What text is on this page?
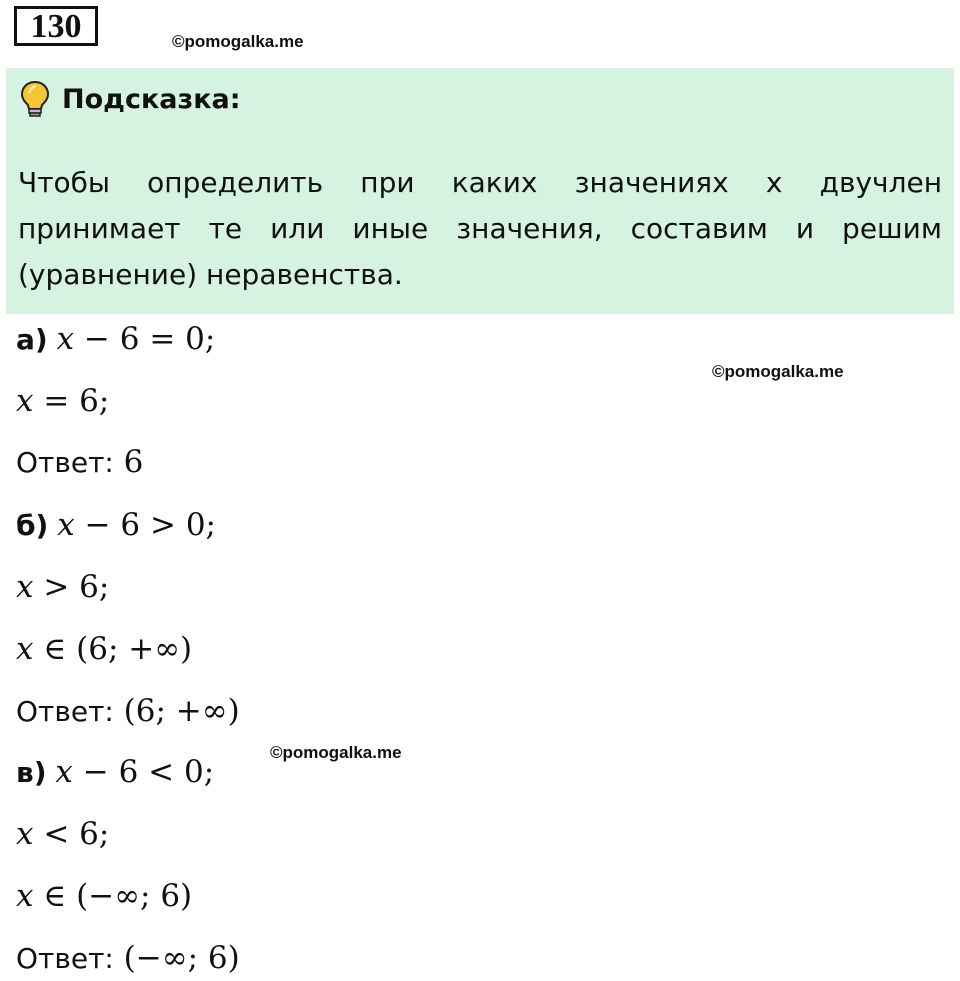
130	©pomogalka.me
Подсказка:
Чтобы определить при каких значениях х двучлен принимает те или иные значения, составим и решим (уравнение) неравенства.
а) x − 6 = 0;
©pomogalka.me
x = 6;
Ответ: 6
б) x − 6 > 0;
x > 6;
x ∈ (6; +∞)
Ответ: (6; +∞)
©pomogalka.me
в) x − 6 < 0;
x < 6;
x ∈ (−∞; 6)
Ответ: (−∞; 6)
